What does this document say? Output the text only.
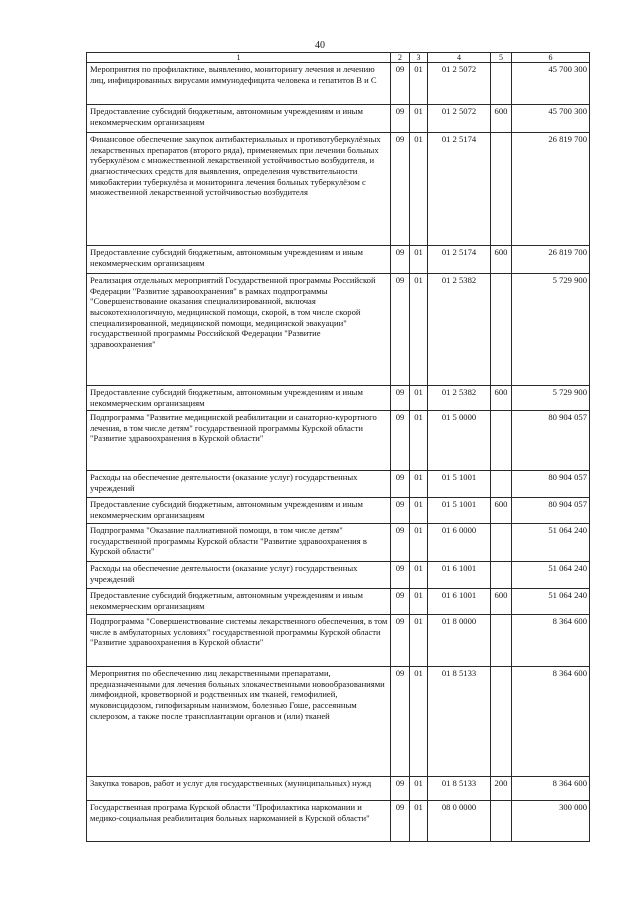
40
1	2	3	4	5	6
Мероприятия по профилактике, выявлению, мониторингу лечения и лечению лиц, инфицированных вирусами иммунодефицита человека и гепатитов В и С	09	01	01 2 5072		45 700 300
Предоставление субсидий бюджетным, автономным учреждениям и иным некоммерческим организациям	09	01	01 2 5072	600	45 700 300
Финансовое обеспечение закупок антибактериальных и противотуберкулёзных лекарственных препаратов (второго ряда), применяемых при лечении больных туберкулёзом с множественной лекарственной устойчивостью возбудителя, и диагностических средств для выявления, определения чувствительности микобактерии туберкулёза и мониторинга лечения больных туберкулёзом с множественной лекарственной устойчивостью возбудителя	09	01	01 2 5174		26 819 700
Предоставление субсидий бюджетным, автономным учреждениям и иным некоммерческим организациям	09	01	01 2 5174	600	26 819 700
Реализация отдельных мероприятий Государственной программы Российской Федерации "Развитие здравоохранения" в рамках подпрограммы "Совершенствование оказания специализированной, включая высокотехнологичную, медицинской помощи, скорой, в том числе скорой специализированной, медицинской помощи, медицинской эвакуации" государственной программы Российской Федерации "Развитие здравоохранения"	09	01	01 2 5382		5 729 900
Предоставление субсидий бюджетным, автономным учреждениям и иным некоммерческим организациям	09	01	01 2 5382	600	5 729 900
Подпрограмма "Развитие медицинской реабилитации и санаторно-курортного лечения, в том числе детям" государственной программы Курской области "Развитие здравоохранения в Курской области"	09	01	01 5 0000		80 904 057
Расходы на обеспечение деятельности (оказание услуг) государственных учреждений	09	01	01 5 1001		80 904 057
Предоставление субсидий бюджетным, автономным учреждениям и иным некоммерческим организациям	09	01	01 5 1001	600	80 904 057
Подпрограмма "Оказание паллиативной помощи, в том числе детям" государственной программы Курской области "Развитие здравоохранения в Курской области"	09	01	01 6 0000		51 064 240
Расходы на обеспечение деятельности (оказание услуг) государственных учреждений	09	01	01 6 1001		51 064 240
Предоставление субсидий бюджетным, автономным учреждениям и иным некоммерческим организациям	09	01	01 6 1001	600	51 064 240
Подпрограмма "Совершенствование системы лекарственного обеспечения, в том числе в амбулаторных условиях" государственной программы Курской области "Развитие здравоохранения в Курской области"	09	01	01 8 0000		8 364 600
Мероприятия по обеспечению лиц лекарственными препаратами, предназначенными для лечения больных злокачественными новообразованиями лимфоидной, кроветворной и родственных им тканей, гемофилией, муковисцидозом, гипофизарным нанизмом, болезнью Гоше, рассеянным склерозом, а также после трансплантации органов и (или) тканей	09	01	01 8 5133		8 364 600
Закупка товаров, работ и услуг для государственных (муниципальных) нужд	09	01	01 8 5133	200	8 364 600
Государственная програма Курской области "Профилактика наркомании и медико-социальная реабилитация больных наркоманией в Курской области"	09	01	08 0 0000		300 000
